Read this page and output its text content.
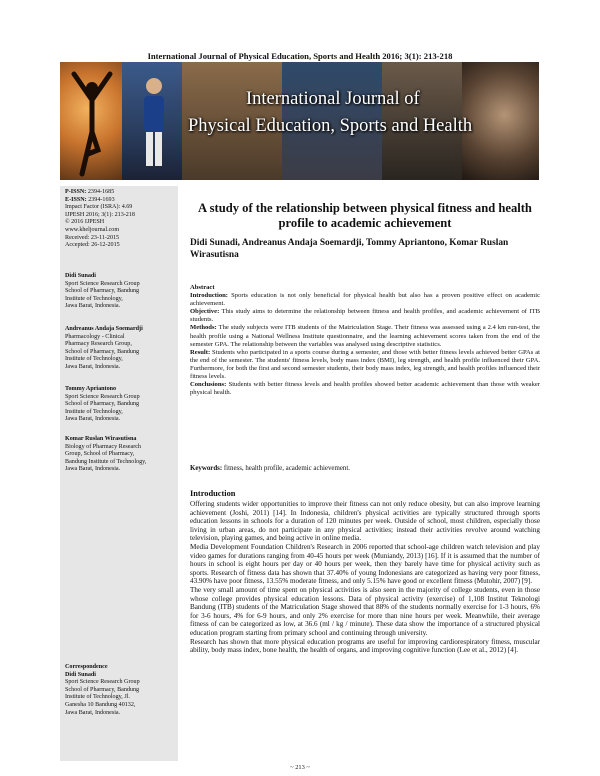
International Journal of Physical Education, Sports and Health 2016; 3(1): 213-218
International Journal of
Physical Education, Sports and Health
P-ISSN: 2394-1685
E-ISSN: 2394-1693
Impact Factor (ISRA): 4.69
IJPESH 2016; 3(1): 213-218
© 2016 IJPESH
www.kheljournal.com
Received: 23-11-2015
Accepted: 26-12-2015
Didi Sunadi
Sport Science Research Group
School of Pharmacy, Bandung
Institute of Technology,
Jawa Barat, Indonesia.
Andreanus Andaja Soemardji
Pharmacology - Clinical
Pharmacy Research Group,
School of Pharmacy, Bandung
Institute of Technology,
Jawa Barat, Indonesia.
Tommy Apriantono
Sport Science Research Group
School of Pharmacy, Bandung
Institute of Technology,
Jawa Barat, Indonesia.
Komar Ruslan Wirasutisna
Biology of Pharmacy Research
Group, School of Pharmacy,
Bandung Institute of Technology,
Jawa Barat, Indonesia.
Correspondence
Didi Sunadi
Sport Science Research Group
School of Pharmacy, Bandung
Institute of Technology, Jl.
Ganesha 10 Bandung 40132,
Jawa Barat, Indonesia.
A study of the relationship between physical fitness and health profile to academic achievement
Didi Sunadi, Andreanus Andaja Soemardji, Tommy Apriantono, Komar Ruslan Wirasutisna

Abstract

Introduction: Sports education is not only beneficial for physical health but also has a proven positive effect on academic achievement.

Objective: This study aims to determine the relationship between fitness and health profiles, and academic achievement of ITB students.

Methods: The study subjects were ITB students of the Matriculation Stage. Their fitness was assessed using a 2.4 km run-test, the health profile using a National Wellness Institute questionnaire, and the learning achievement scores taken from the end of the semester GPA. The relationship between the variables was analysed using descriptive statistics.

Result: Students who participated in a sports course during a semester, and those with better fitness levels achieved better GPAs at the end of the semester. The students' fitness levels, body mass index (BMI), leg strength, and health profile influenced their GPA. Furthermore, for both the first and second semester students, their body mass index, leg strength, and health profiles influenced their fitness levels.

Conclusions: Students with better fitness levels and health profiles showed better academic achievement than those with weaker physical health.

Keywords: fitness, health profile, academic achievement.
Introduction

Offering students wider opportunities to improve their fitness can not only reduce obesity, but can also improve learning achievement (Joshi, 2011) [14]. In Indonesia, children's physical activities are typically structured through sports education lessons in schools for a duration of 120 minutes per week. Outside of school, most children, especially those living in urban areas, do not participate in any physical activities; instead their activities revolve around watching television, playing games, and being active in online media.

Media Development Foundation Children's Research in 2006 reported that school-age children watch television and play video games for durations ranging from 40-45 hours per week (Muniandy, 2013) [16]. If it is assumed that the number of hours in school is eight hours per day or 40 hours per week, then they barely have time for physical activity such as sports. Research of fitness data has shown that 37.40% of young Indonesians are categorized as having very poor fitness, 43.90% have poor fitness, 13.55% moderate fitness, and only 5.15% have good or excellent fitness (Mutohir, 2007) [9].

The very small amount of time spent on physical activities is also seen in the majority of college students, even in those whose college provides physical education lessons. Data of physical activity (exercise) of 1,108 Institut Teknologi Bandung (ITB) students of the Matriculation Stage showed that 88% of the students normally exercise for 1-3 hours, 6% for 3-6 hours, 4% for 6-9 hours, and only 2% exercise for more than nine hours per week. Meanwhile, their average fitness of can be categorized as low, at 36.6 (ml / kg / minute). These data show the importance of a structured physical education program starting from primary school and continuing through university.

Research has shown that more physical education programs are useful for improving cardiorespiratory fitness, muscular ability, body mass index, bone health, the health of organs, and improving cognitive function (Lee et al., 2012) [4].

~ 213 ~
